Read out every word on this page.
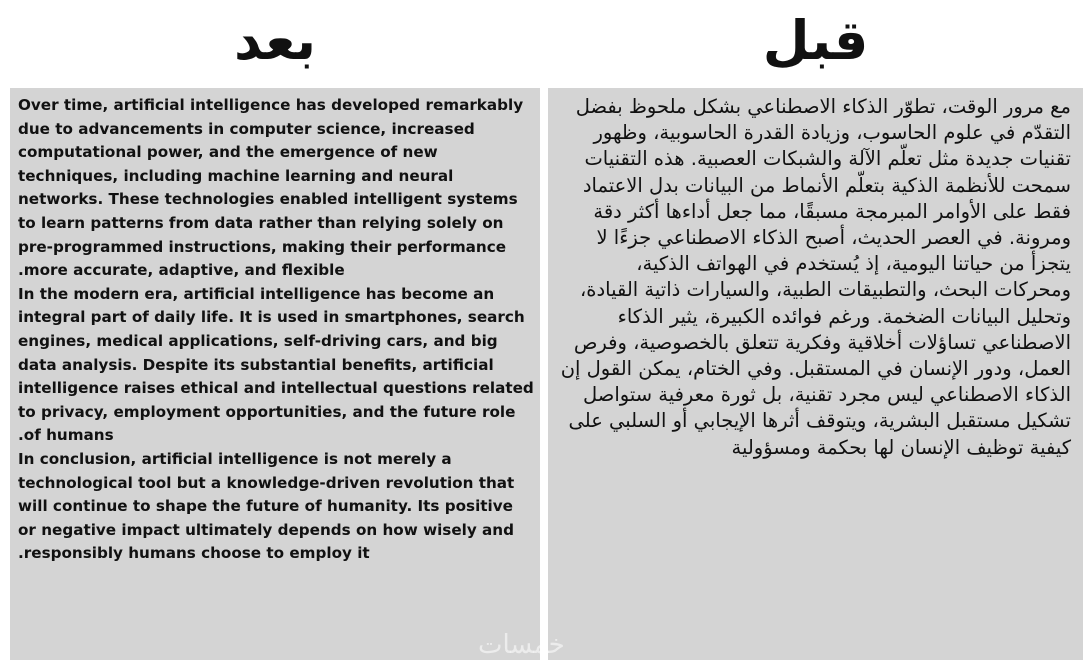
بعد	قبل

Over time, artificial intelligence has developed remarkably due to advancements in computer science, increased computational power, and the emergence of new techniques, including machine learning and neural networks. These technologies enabled intelligent systems to learn patterns from data rather than relying solely on pre-programmed instructions, making their performance more accurate, adaptive, and flexible.

In the modern era, artificial intelligence has become an integral part of daily life. It is used in smartphones, search engines, medical applications, self-driving cars, and big data analysis. Despite its substantial benefits, artificial intelligence raises ethical and intellectual questions related to privacy, employment opportunities, and the future role of humans.

In conclusion, artificial intelligence is not merely a technological tool but a knowledge-driven revolution that will continue to shape the future of humanity. Its positive or negative impact ultimately depends on how wisely and responsibly humans choose to employ it.

مع مرور الوقت، تطوّر الذكاء الاصطناعي بشكل ملحوظ بفضل التقدّم في علوم الحاسوب، وزيادة القدرة الحاسوبية، وظهور تقنيات جديدة مثل تعلّم الآلة والشبكات العصبية. هذه التقنيات سمحت للأنظمة الذكية بتعلّم الأنماط من البيانات بدل الاعتماد فقط على الأوامر المبرمجة مسبقًا، مما جعل أداءها أكثر دقة ومرونة. في العصر الحديث، أصبح الذكاء الاصطناعي جزءًا لا يتجزأ من حياتنا اليومية، إذ يُستخدم في الهواتف الذكية، ومحركات البحث، والتطبيقات الطبية، والسيارات ذاتية القيادة، وتحليل البيانات الضخمة. ورغم فوائده الكبيرة، يثير الذكاء الاصطناعي تساؤلات أخلاقية وفكرية تتعلق بالخصوصية، وفرص العمل، ودور الإنسان في المستقبل. وفي الختام، يمكن القول إن الذكاء الاصطناعي ليس مجرد تقنية، بل ثورة معرفية ستواصل تشكيل مستقبل البشرية، ويتوقف أثرها الإيجابي أو السلبي على كيفية توظيف الإنسان لها بحكمة ومسؤولية

خمسات
